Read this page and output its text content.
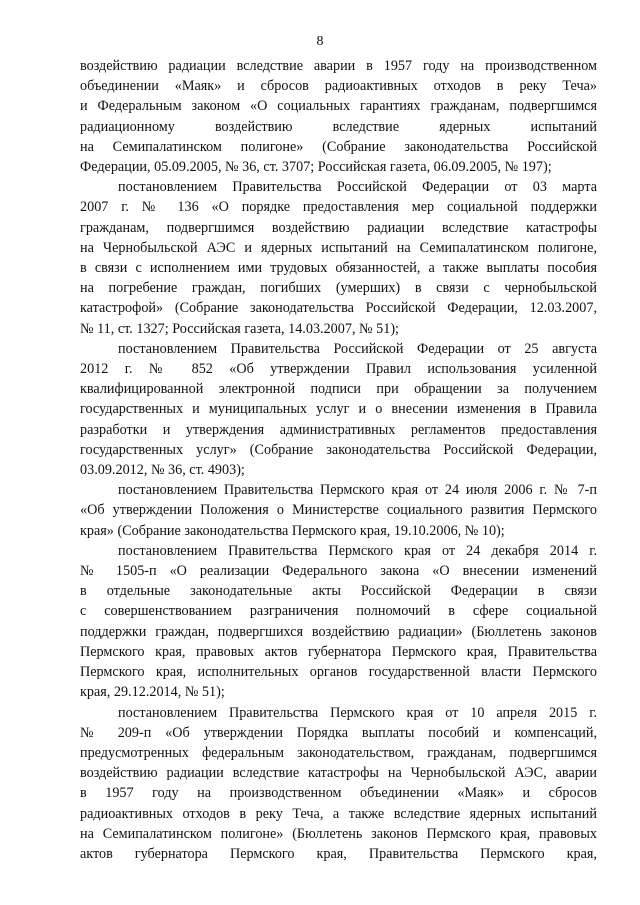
8
воздействию радиации вследствие аварии в 1957 году на производственном
объединении «Маяк» и сбросов радиоактивных отходов в реку Теча»
и Федеральным законом «О социальных гарантиях гражданам, подвергшимся
радиационному воздействию вследствие ядерных испытаний
на Семипалатинском полигоне» (Собрание законодательства Российской
Федерации, 05.09.2005, № 36, ст. 3707; Российская газета, 06.09.2005, № 197);
постановлением Правительства Российской Федерации от 03 марта
2007 г. № 136 «О порядке предоставления мер социальной поддержки
гражданам, подвергшимся воздействию радиации вследствие катастрофы
на Чернобыльской АЭС и ядерных испытаний на Семипалатинском полигоне,
в связи с исполнением ими трудовых обязанностей, а также выплаты пособия
на погребение граждан, погибших (умерших) в связи с чернобыльской
катастрофой» (Собрание законодательства Российской Федерации, 12.03.2007,
№ 11, ст. 1327; Российская газета, 14.03.2007, № 51);
постановлением Правительства Российской Федерации от 25 августа
2012 г. № 852 «Об утверждении Правил использования усиленной
квалифицированной электронной подписи при обращении за получением
государственных и муниципальных услуг и о внесении изменения в Правила
разработки и утверждения административных регламентов предоставления
государственных услуг» (Собрание законодательства Российской Федерации,
03.09.2012, № 36, ст. 4903);
постановлением Правительства Пермского края от 24 июля 2006 г. № 7-п
«Об утверждении Положения о Министерстве социального развития Пермского
края» (Собрание законодательства Пермского края, 19.10.2006, № 10);
постановлением Правительства Пермского края от 24 декабря 2014 г.
№ 1505-п «О реализации Федерального закона «О внесении изменений
в отдельные законодательные акты Российской Федерации в связи
с совершенствованием разграничения полномочий в сфере социальной
поддержки граждан, подвергшихся воздействию радиации» (Бюллетень законов
Пермского края, правовых актов губернатора Пермского края, Правительства
Пермского края, исполнительных органов государственной власти Пермского
края, 29.12.2014, № 51);
постановлением Правительства Пермского края от 10 апреля 2015 г.
№ 209-п «Об утверждении Порядка выплаты пособий и компенсаций,
предусмотренных федеральным законодательством, гражданам, подвергшимся
воздействию радиации вследствие катастрофы на Чернобыльской АЭС, аварии
в 1957 году на производственном объединении «Маяк» и сбросов
радиоактивных отходов в реку Теча, а также вследствие ядерных испытаний
на Семипалатинском полигоне» (Бюллетень законов Пермского края, правовых
актов губернатора Пермского края, Правительства Пермского края,
